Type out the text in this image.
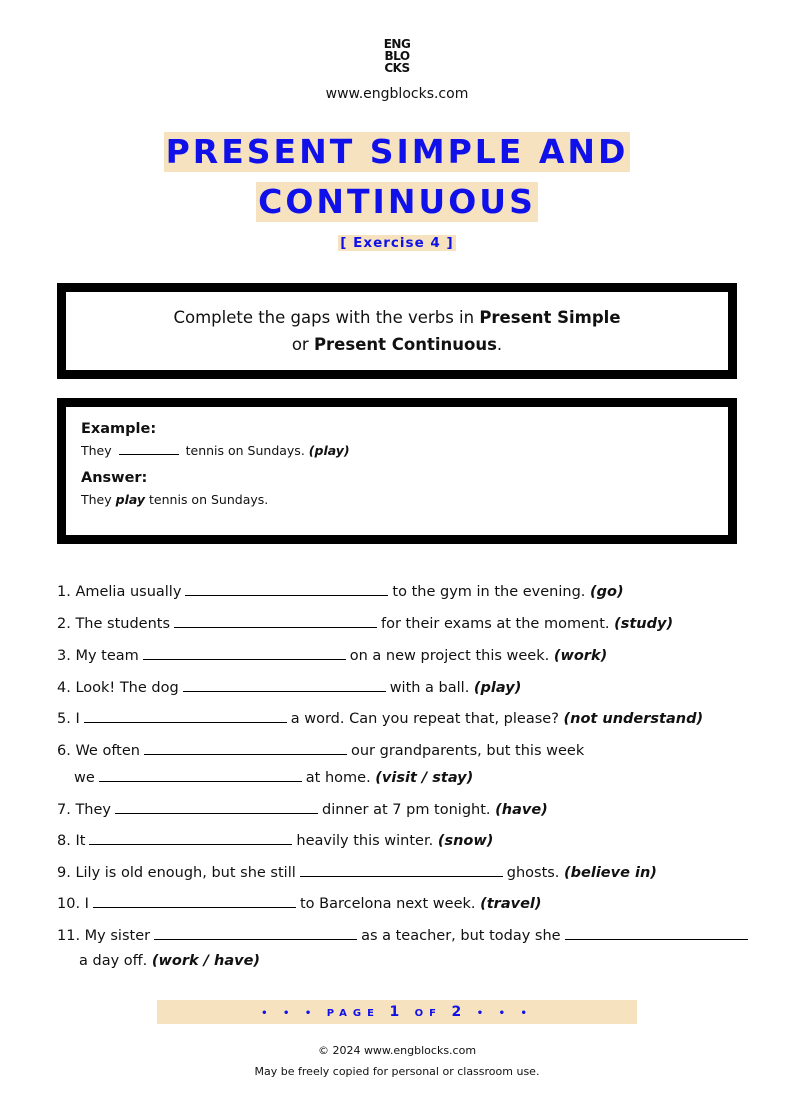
ENG
BLO
CKS
www.engblocks.com
PRESENT SIMPLE AND
CONTINUOUS
[ Exercise 4 ]
Complete the gaps with the verbs in Present Simple
or Present Continuous.
Example:

They	tennis on Sundays. (play)

Answer:

They play tennis on Sundays.

1. Amelia usually	to the gym in the evening. (go)
2. The students	for their exams at the moment. (study)
3. My team	on a new project this week. (work)
4. Look! The dog	with a ball. (play)
5. I	a word. Can you repeat that, please? (not understand)
6. We often	our grandparents, but this week
we	at home. (visit / stay)
7. They	dinner at 7 pm tonight. (have)
8. It	heavily this winter. (snow)
9. Lily is old enough, but she still	ghosts. (believe in)
10. I	to Barcelona next week. (travel)
11. My sister	as a teacher, but today she
a day off. (work / have)
• • • PAGE 1 OF 2 • • •
© 2024 www.engblocks.com
May be freely copied for personal or classroom use.
